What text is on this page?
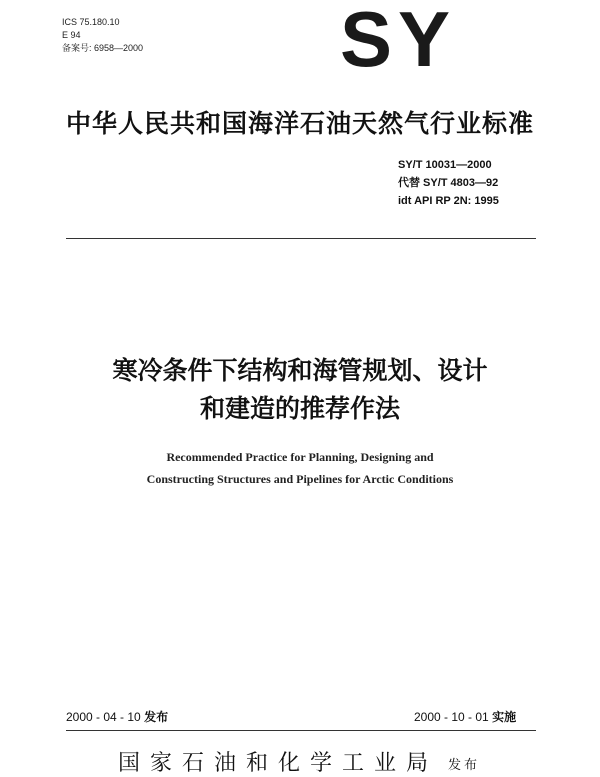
ICS 75.180.10
E 94
备案号: 6958—2000	SY
中华人民共和国海洋石油天然气行业标准
SY/T 10031—2000
代替 SY/T 4803—92
idt API RP 2N: 1995
寒冷条件下结构和海管规划、设计
和建造的推荐作法
Recommended Practice for Planning, Designing and
Constructing Structures and Pipelines for Arctic Conditions
2000 - 04 - 10 发布	2000 - 10 - 01 实施
国家石油和化学工业局 发布
